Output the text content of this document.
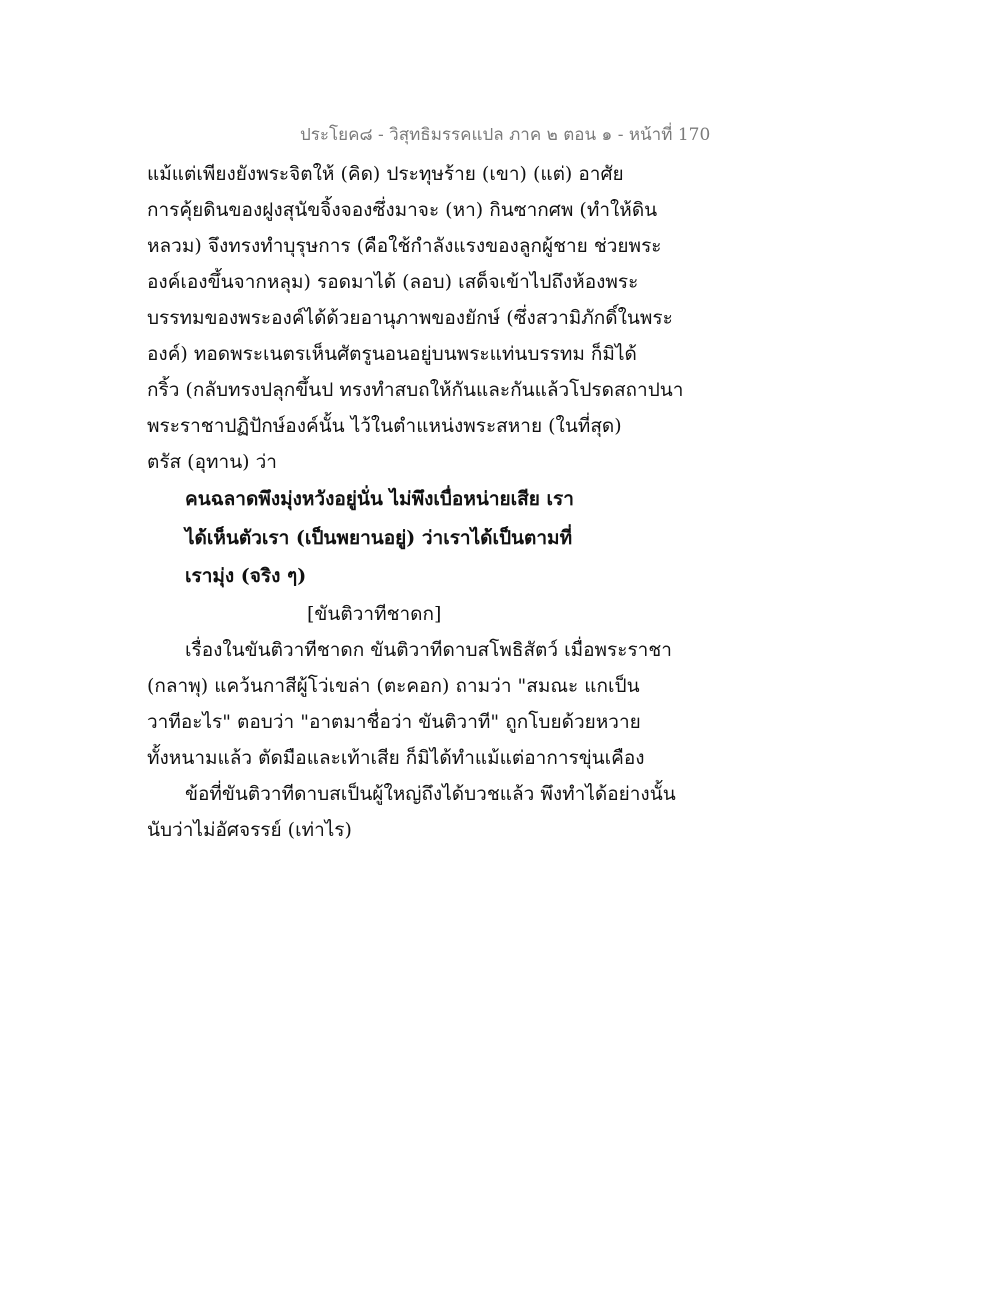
ประโยค๘ - วิสุทธิมรรคแปล ภาค ๒ ตอน ๑ - หน้าที่ 170
แม้แต่เพียงยังพระจิตให้ (คิด) ประทุษร้าย (เขา) (แต่) อาศัย
การคุ้ยดินของฝูงสุนัขจิ้งจองซึ่งมาจะ (หา) กินซากศพ (ทำให้ดิน
หลวม) จึงทรงทำบุรุษการ (คือใช้กำลังแรงของลูกผู้ชาย ช่วยพระ
องค์เองขึ้นจากหลุม) รอดมาได้ (ลอบ) เสด็จเข้าไปถึงห้องพระ
บรรทมของพระองค์ได้ด้วยอานุภาพของยักษ์ (ซึ่งสวามิภักดิ์ในพระ
องค์) ทอดพระเนตรเห็นศัตรูนอนอยู่บนพระแท่นบรรทม ก็มิได้
กริ้ว (กลับทรงปลุกขึ้นป ทรงทำสบถให้กันและกันแล้วโปรดสถาปนา
พระราชาปฏิปักษ์องค์นั้น ไว้ในตำแหน่งพระสหาย (ในที่สุด)
ตรัส (อุทาน) ว่า
คนฉลาดพึงมุ่งหวังอยู่นั่น ไม่พึงเบื่อหน่ายเสีย เรา
ได้เห็นตัวเรา (เป็นพยานอยู่) ว่าเราได้เป็นตามที่
เรามุ่ง (จริง ๆ)
[ขันติวาทีชาดก]
เรื่องในขันติวาทีชาดก ขันติวาทีดาบสโพธิสัตว์ เมื่อพระราชา
(กลาพุ) แคว้นกาสีผู้โว่เขล่า (ตะคอก) ถามว่า "สมณะ แกเป็น
วาทีอะไร" ตอบว่า "อาตมาชื่อว่า ขันติวาที" ถูกโบยด้วยหวาย
ทั้งหนามแล้ว ตัดมือและเท้าเสีย ก็มิได้ทำแม้แต่อาการขุ่นเคือง
ข้อที่ขันติวาทีดาบสเป็นผู้ใหญ่ถึงได้บวชแล้ว พึงทำได้อย่างนั้น
นับว่าไม่อัศจรรย์ (เท่าไร)
